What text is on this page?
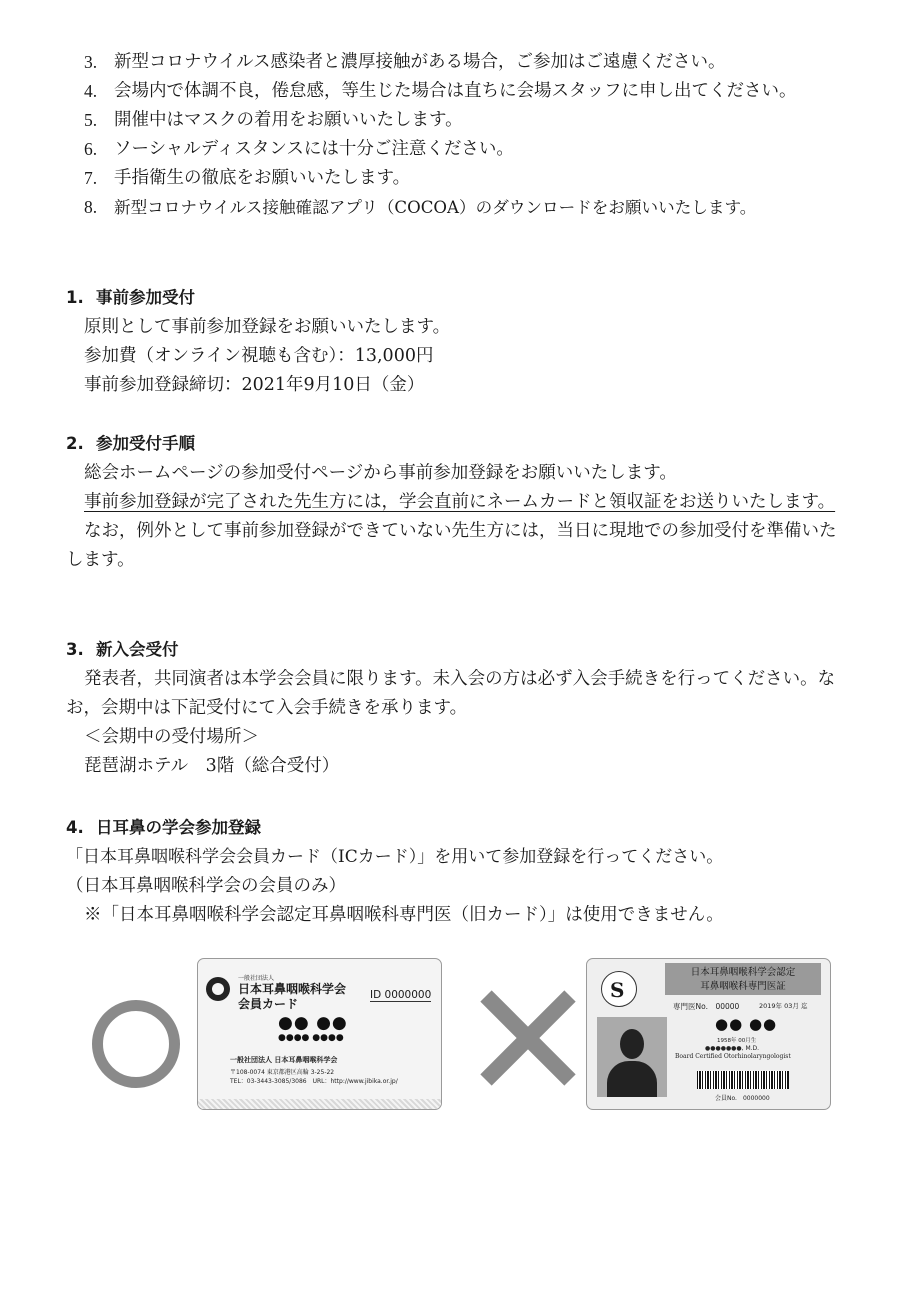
3. 新型コロナウイルス感染者と濃厚接触がある場合，ご参加はご遠慮ください。
4. 会場内で体調不良，倦怠感，等生じた場合は直ちに会場スタッフに申し出てください。
5. 開催中はマスクの着用をお願いいたします。
6. ソーシャルディスタンスには十分ご注意ください。
7. 手指衛生の徹底をお願いいたします。
8.	新型コロナウイルス接触確認アプリ（COCOA）のダウンロードをお願いいたします。
1. 事前参加受付
原則として事前参加登録をお願いいたします。
参加費（オンライン視聴も含む）：13,000円
事前参加登録締切：2021年9月10日（金）
2. 参加受付手順
総会ホームページの参加受付ページから事前参加登録をお願いいたします。
事前参加登録が完了された先生方には，学会直前にネームカードと領収証をお送りいたします。
なお，例外として事前参加登録ができていない先生方には，当日に現地での参加受付を準備いたします。
3. 新入会受付
発表者，共同演者は本学会会員に限ります。未入会の方は必ず入会手続きを行ってください。なお，会期中は下記受付にて入会手続きを承ります。
＜会期中の受付場所＞
琵琶湖ホテル　3階（総合受付）
4. 日耳鼻の学会参加登録
「日本耳鼻咽喉科学会会員カード（ICカード）」を用いて参加登録を行ってください。
（日本耳鼻咽喉科学会の会員のみ）
※「日本耳鼻咽喉科学会認定耳鼻咽喉科専門医（旧カード）」は使用できません。
一般社団法人
日本耳鼻咽喉科学会
会員カード
ID 0000000
●● ●●
●●●● ●●●●
一般社団法人 日本耳鼻咽喉科学会
〒108-0074 東京都港区高輪 3-25-22
TEL：03-3443-3085/3086　URL：http://www.jibika.or.jp/
S
日本耳鼻咽喉科学会認定
耳鼻咽喉科専門医証
専門医No.　00000	2019年 03月 迄
●● ●●
1958年 00月生
●●●●●●●, M.D.
Board Certified Otorhinolaryngologist
会員No.　0000000
